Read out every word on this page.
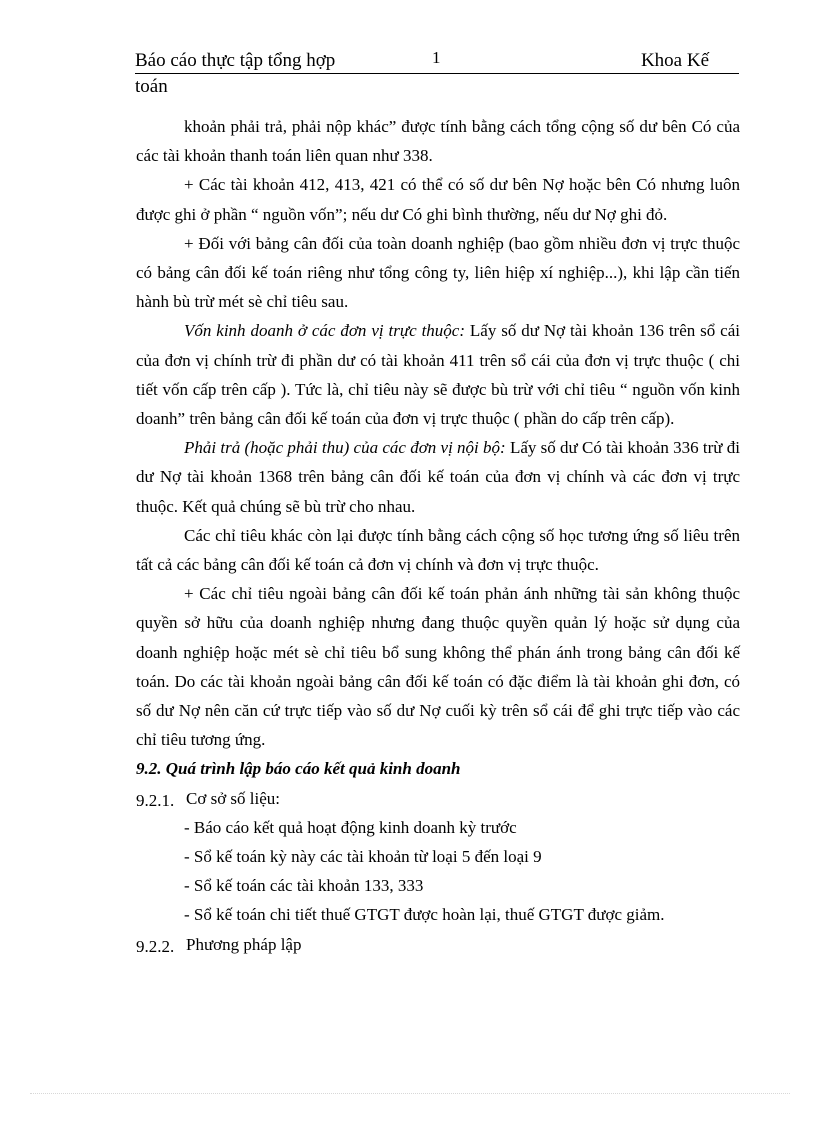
Báo cáo thực tập tổng hợp	1	Khoa Kế
toán

khoản phải trả, phải nộp khác” được tính bằng cách tổng cộng số dư bên Có của các tài khoản thanh toán liên quan như 338.

+ Các tài khoản 412, 413, 421 có thể có số dư bên Nợ hoặc bên Có nhưng luôn được ghi ở phần “ nguồn vốn”; nếu dư Có ghi bình thường, nếu dư Nợ ghi đỏ.

+ Đối với bảng cân đối của toàn doanh nghiệp (bao gồm nhiều đơn vị trực thuộc có bảng cân đối kế toán riêng như tổng công ty, liên hiệp xí nghiệp...), khi lập cần tiến hành bù trừ mét sè chỉ tiêu sau.

Vốn kinh doanh ở các đơn vị trực thuộc: Lấy số dư Nợ tài khoản 136 trên sổ cái của đơn vị chính trừ đi phần dư có tài khoản 411 trên sổ cái của đơn vị trực thuộc ( chi tiết vốn cấp trên cấp ). Tức là, chỉ tiêu này sẽ được bù trừ với chỉ tiêu “ nguồn vốn kinh doanh” trên bảng cân đối kế toán của đơn vị trực thuộc ( phần do cấp trên cấp).

Phải trả (hoặc phải thu) của các đơn vị nội bộ: Lấy số dư Có tài khoản 336 trừ đi dư Nợ tài khoản 1368 trên bảng cân đối kế toán của đơn vị chính và các đơn vị trực thuộc. Kết quả chúng sẽ bù trừ cho nhau.

Các chỉ tiêu khác còn lại được tính bằng cách cộng số học tương ứng số liêu trên tất cả các bảng cân đối kế toán cả đơn vị chính và đơn vị trực thuộc.

+ Các chỉ tiêu ngoài bảng cân đối kế toán phản ánh những tài sản không thuộc quyền sở hữu của doanh nghiệp nhưng đang thuộc quyền quản lý hoặc sử dụng của doanh nghiệp hoặc mét sè chỉ tiêu bổ sung không thể phán ánh trong bảng cân đối kế toán. Do các tài khoản ngoài bảng cân đối kế toán có đặc điểm là tài khoản ghi đơn, có số dư Nợ nên căn cứ trực tiếp vào số dư Nợ cuối kỳ trên sổ cái để ghi trực tiếp vào các chỉ tiêu tương ứng.

9.2. Quá trình lập báo cáo kết quả kinh doanh

9.2.1. Cơ sở số liệu:

- Báo cáo kết quả hoạt động kinh doanh kỳ trước

- Sổ kế toán kỳ này các tài khoản từ loại 5 đến loại 9

- Sổ kế toán các tài khoản 133, 333

- Sổ kế toán chi tiết thuế GTGT được hoàn lại, thuế GTGT được giảm.

9.2.2. Phương pháp lập
